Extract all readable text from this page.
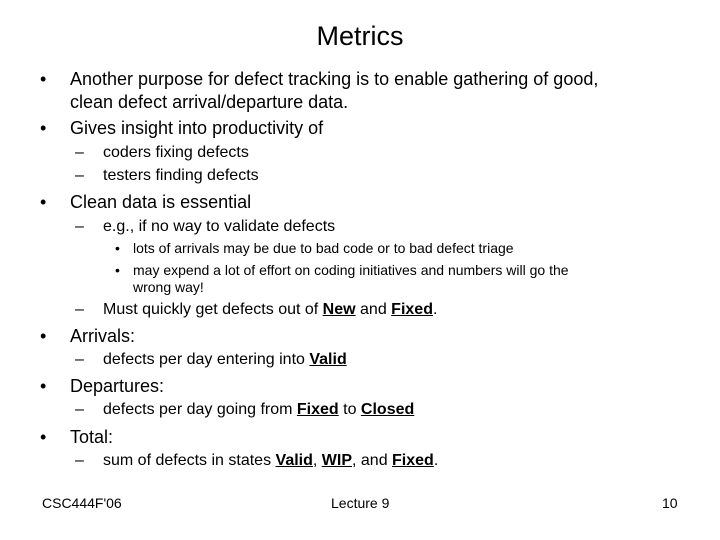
Metrics
• Another purpose for defect tracking is to enable gathering of good,
clean defect arrival/departure data.
• Gives insight into productivity of
– coders fixing defects
– testers finding defects
• Clean data is essential
– e.g., if no way to validate defects
• lots of arrivals may be due to bad code or to bad defect triage
• may expend a lot of effort on coding initiatives and numbers will go the
wrong way!
– Must quickly get defects out of New and Fixed.
• Arrivals:
– defects per day entering into Valid
• Departures:
– defects per day going from Fixed to Closed
• Total:
– sum of defects in states Valid, WIP, and Fixed.
CSC444F'06	Lecture 9	10
